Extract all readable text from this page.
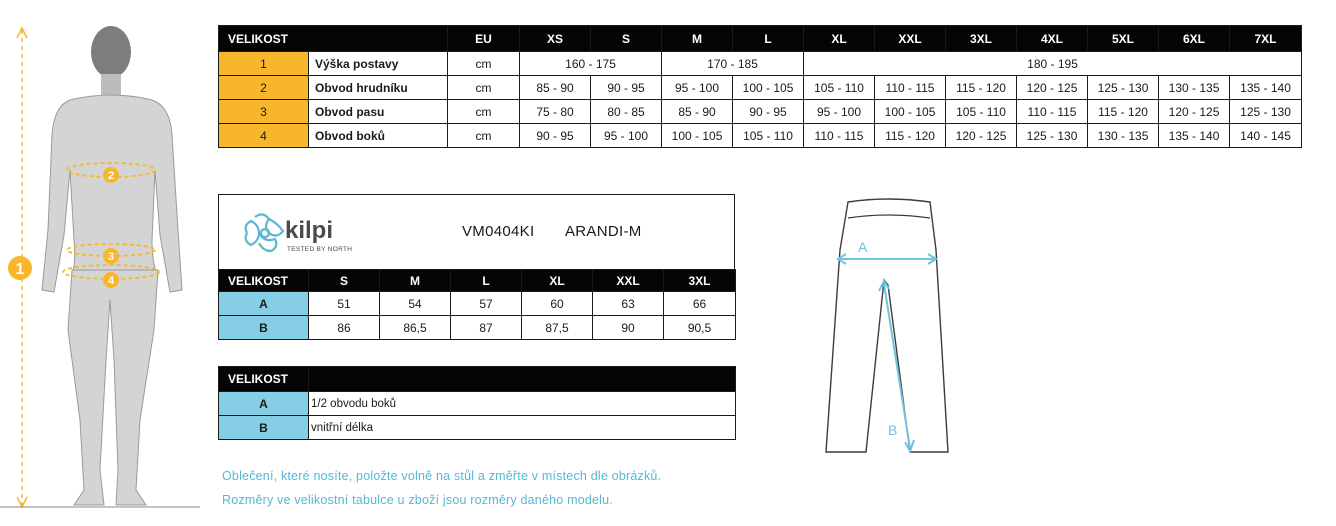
1
2
3
4
VELIKOST		EU	XS	S	M	L	XL	XXL	3XL	4XL	5XL	6XL	7XL
1	Výška postavy	cm	160 - 175		170 - 185		180 - 195						
2	Obvod hrudníku	cm	85 - 90	90 - 95	95 - 100	100 - 105	105 - 110	110 - 115	115 - 120	120 - 125	125 - 130	130 - 135	135 - 140
3	Obvod pasu	cm	75 - 80	80 - 85	85 - 90	90 - 95	95 - 100	100 - 105	105 - 110	110 - 115	115 - 120	120 - 125	125 - 130
4	Obvod boků	cm	90 - 95	95 - 100	100 - 105	105 - 110	110 - 115	115 - 120	120 - 125	125 - 130	130 - 135	135 - 140	140 - 145
kilpi
TESTED BY NORTH
VM0404KI ARANDI-M
VELIKOST	S	M	L	XL	XXL	3XL
A	51	54	57	60	63	66
B	86	86,5	87	87,5	90	90,5
VELIKOST	
A	1/2 obvodu boků
B	vnitřní délka
Oblečení, které nosíte, položte volně na stůl a změřte v místech dle obrázků.
Rozměry ve velikostní tabulce u zboží jsou rozměry daného modelu.
A
B
